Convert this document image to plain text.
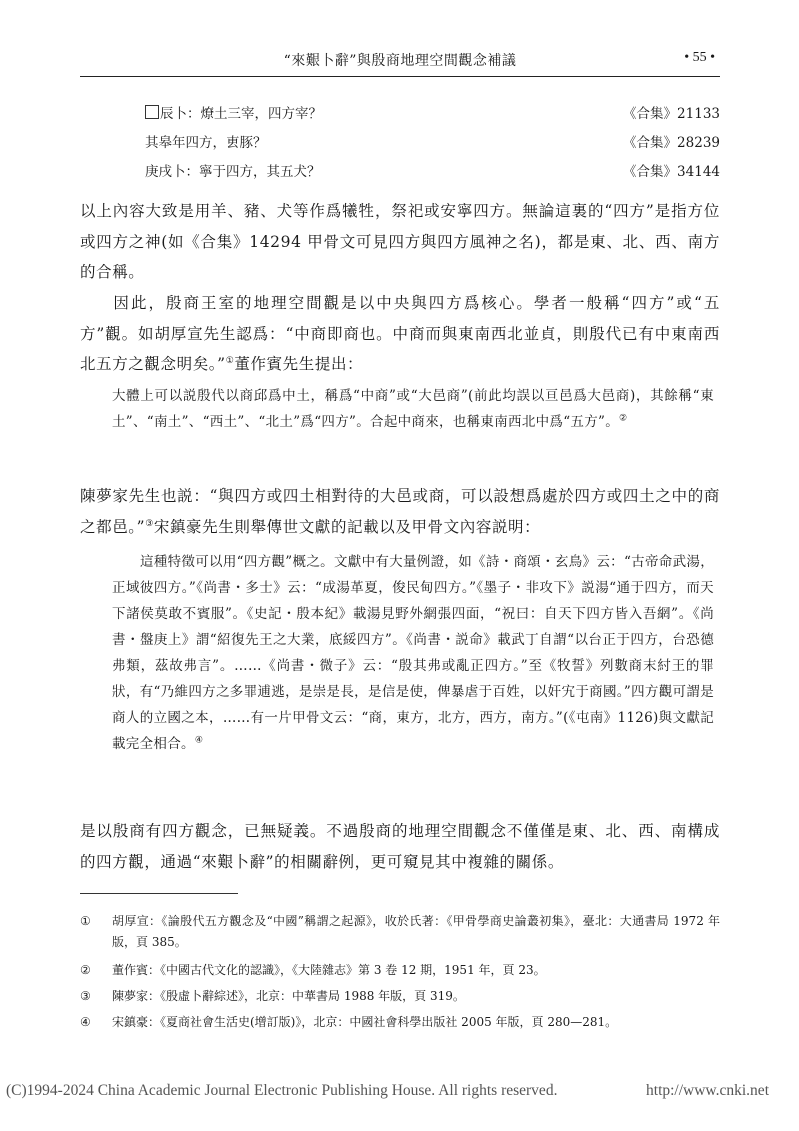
“來艱卜辭”與殷商地理空間觀念補議	• 55 •
辰卜：燎土三宰，四方宰？	《合集》21133
其皋年四方，叀豚？	《合集》28239
庚戌卜：寧于四方，其五犬？	《合集》34144

以上內容大致是用羊、豬、犬等作爲犧牲，祭祀或安寧四方。無論這裏的“四方”是指方位或四方之神(如《合集》14294 甲骨文可見四方與四方風神之名)，都是東、北、西、南方的合稱。

因此，殷商王室的地理空間觀是以中央與四方爲核心。學者一般稱“四方”或“五方”觀。如胡厚宣先生認爲：“中商即商也。中商而與東南西北並貞，則殷代已有中東南西北五方之觀念明矣。”①董作賓先生提出：

大體上可以説殷代以商邱爲中土，稱爲“中商”或“大邑商”(前此均誤以亘邑爲大邑商)，其餘稱“東土”、“南土”、“西土”、“北土”爲“四方”。合起中商來，也稱東南西北中爲“五方”。②

陳夢家先生也説：“與四方或四土相對待的大邑或商，可以設想爲處於四方或四土之中的商之都邑。”③宋鎮豪先生則舉傳世文獻的記載以及甲骨文內容説明：

這種特徵可以用“四方觀”概之。文獻中有大量例證，如《詩・商頌・玄鳥》云：“古帝命武湯，正域彼四方。”《尚書・多士》云：“成湯革夏，俊民甸四方。”《墨子・非攻下》説湯“通于四方，而天下諸侯莫敢不賓服”。《史記・殷本紀》載湯見野外網張四面，“祝曰：自天下四方皆入吾網”。《尚書・盤庚上》謂“紹復先王之大業，底綏四方”。《尚書・説命》載武丁自謂“以台正于四方，台恐德弗類，茲故弗言”。……《尚書・微子》云：“殷其弗或亂正四方。”至《牧誓》列數商末紂王的罪狀，有“乃維四方之多罪逋逃，是崇是長，是信是使，俾暴虐于百姓，以奸宄于商國。”四方觀可謂是商人的立國之本，……有一片甲骨文云：“商，東方，北方，西方，南方。”(《屯南》1126)與文獻記載完全相合。④

是以殷商有四方觀念，已無疑義。不過殷商的地理空間觀念不僅僅是東、北、西、南構成的四方觀，通過“來艱卜辭”的相關辭例，更可窺見其中複雜的關係。

① 胡厚宣：《論殷代五方觀念及“中國”稱謂之起源》，收於氏著：《甲骨學商史論叢初集》，臺北：大通書局 1972 年版，頁 385。
② 董作賓：《中國古代文化的認識》，《大陸雜志》第 3 卷 12 期，1951 年，頁 23。
③ 陳夢家：《殷虛卜辭綜述》，北京：中華書局 1988 年版，頁 319。
④ 宋鎮豪：《夏商社會生活史(增訂版)》，北京：中國社會科學出版社 2005 年版，頁 280—281。
(C)1994-2024 China Academic Journal Electronic Publishing House. All rights reserved.	http://www.cnki.net
